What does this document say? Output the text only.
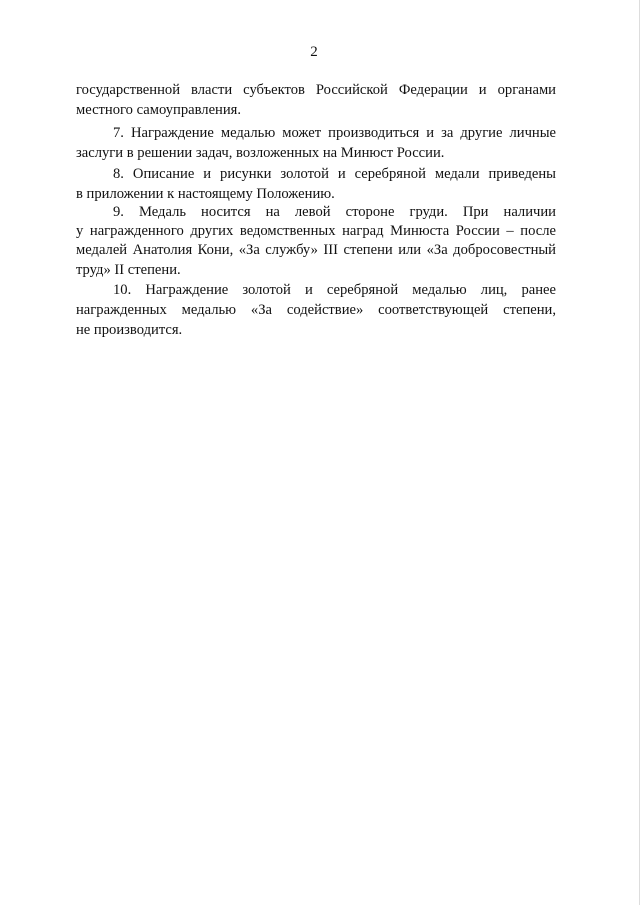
2
государственной власти субъектов Российской Федерации и органами
местного самоуправления.
7. Награждение медалью может производиться и за другие личные
заслуги в решении задач, возложенных на Минюст России.
8. Описание и рисунки золотой и серебряной медали приведены
в приложении к настоящему Положению.
9. Медаль носится на левой стороне груди. При наличии
у награжденного других ведомственных наград Минюста России – после
медалей Анатолия Кони, «За службу» III степени или «За добросовестный
труд» II степени.
10. Награждение золотой и серебряной медалью лиц, ранее
награжденных медалью «За содействие» соответствующей степени,
не производится.
